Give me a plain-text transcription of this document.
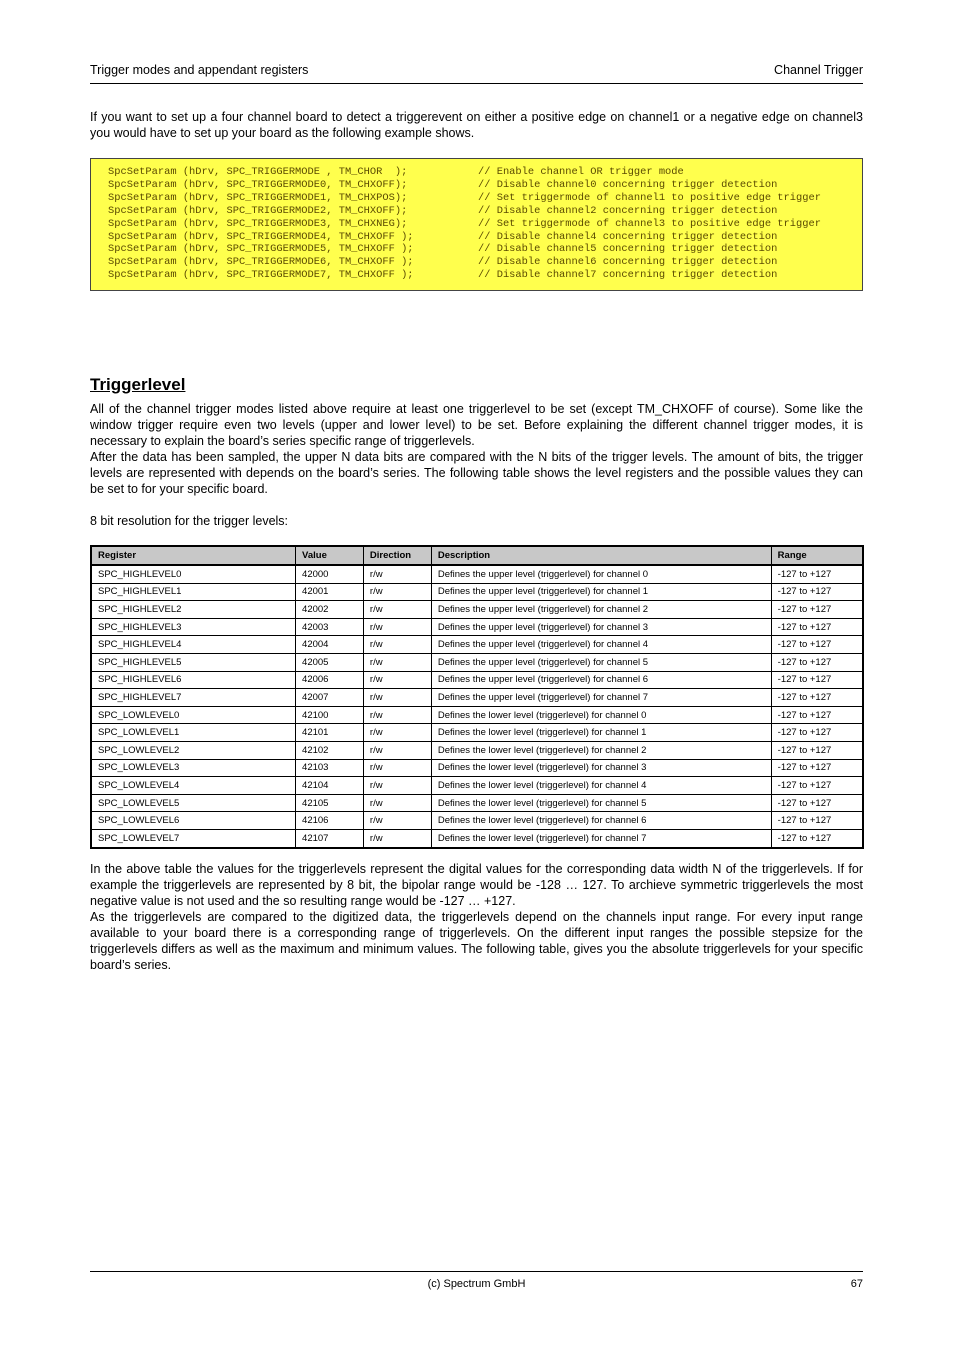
Trigger modes and appendant registers	Channel Trigger

If you want to set up a four channel board to detect a triggerevent on either a positive edge on channel1 or a negative edge on channel3 you would have to set up your board as the following example shows.

SpcSetParam (hDrv, SPC_TRIGGERMODE , TM_CHOR  );	// Enable channel OR trigger mode
SpcSetParam (hDrv, SPC_TRIGGERMODE0, TM_CHXOFF);	// Disable channel0 concerning trigger detection
SpcSetParam (hDrv, SPC_TRIGGERMODE1, TM_CHXPOS);	// Set triggermode of channel1 to positive edge trigger
SpcSetParam (hDrv, SPC_TRIGGERMODE2, TM_CHXOFF);	// Disable channel2 concerning trigger detection
SpcSetParam (hDrv, SPC_TRIGGERMODE3, TM_CHXNEG);	// Set triggermode of channel3 to positive edge trigger
SpcSetParam (hDrv, SPC_TRIGGERMODE4, TM_CHXOFF );	// Disable channel4 concerning trigger detection
SpcSetParam (hDrv, SPC_TRIGGERMODE5, TM_CHXOFF );	// Disable channel5 concerning trigger detection
SpcSetParam (hDrv, SPC_TRIGGERMODE6, TM_CHXOFF );	// Disable channel6 concerning trigger detection
SpcSetParam (hDrv, SPC_TRIGGERMODE7, TM_CHXOFF );	// Disable channel7 concerning trigger detection
Triggerlevel

All of the channel trigger modes listed above require at least one triggerlevel to be set (except TM_CHXOFF of course). Some like the window trigger require even two levels (upper and lower level) to be set. Before explaining the different channel trigger modes, it is necessary to explain the board’s series specific range of triggerlevels.

After the data has been sampled, the upper N data bits are compared with the N bits of the trigger levels. The amount of bits, the trigger levels are represented with depends on the board’s series. The following table shows the level registers and the possible values they can be set to for your specific board.

8 bit resolution for the trigger levels:

Register	Value	Direction	Description	Range
SPC_HIGHLEVEL0	42000	r/w	Defines the upper level (triggerlevel) for channel 0	-127 to +127
SPC_HIGHLEVEL1	42001	r/w	Defines the upper level (triggerlevel) for channel 1	-127 to +127
SPC_HIGHLEVEL2	42002	r/w	Defines the upper level (triggerlevel) for channel 2	-127 to +127
SPC_HIGHLEVEL3	42003	r/w	Defines the upper level (triggerlevel) for channel 3	-127 to +127
SPC_HIGHLEVEL4	42004	r/w	Defines the upper level (triggerlevel) for channel 4	-127 to +127
SPC_HIGHLEVEL5	42005	r/w	Defines the upper level (triggerlevel) for channel 5	-127 to +127
SPC_HIGHLEVEL6	42006	r/w	Defines the upper level (triggerlevel) for channel 6	-127 to +127
SPC_HIGHLEVEL7	42007	r/w	Defines the upper level (triggerlevel) for channel 7	-127 to +127
SPC_LOWLEVEL0	42100	r/w	Defines the lower level (triggerlevel) for channel 0	-127 to +127
SPC_LOWLEVEL1	42101	r/w	Defines the lower level (triggerlevel) for channel 1	-127 to +127
SPC_LOWLEVEL2	42102	r/w	Defines the lower level (triggerlevel) for channel 2	-127 to +127
SPC_LOWLEVEL3	42103	r/w	Defines the lower level (triggerlevel) for channel 3	-127 to +127
SPC_LOWLEVEL4	42104	r/w	Defines the lower level (triggerlevel) for channel 4	-127 to +127
SPC_LOWLEVEL5	42105	r/w	Defines the lower level (triggerlevel) for channel 5	-127 to +127
SPC_LOWLEVEL6	42106	r/w	Defines the lower level (triggerlevel) for channel 6	-127 to +127
SPC_LOWLEVEL7	42107	r/w	Defines the lower level (triggerlevel) for channel 7	-127 to +127

In the above table the values for the triggerlevels represent the digital values for the corresponding data width N of the triggerlevels. If for example the triggerlevels are represented by 8 bit, the bipolar range would be -128 … 127. To archieve symmetric triggerlevels the most negative value is not used and the so resulting range would be -127 … +127.

As the triggerlevels are compared to the digitized data, the triggerlevels depend on the channels input range. For every input range available to your board there is a corresponding range of triggerlevels. On the different input ranges the possible stepsize for the triggerlevels differs as well as the maximum and minimum values. The following table, gives you the absolute triggerlevels for your specific board’s series.

(c) Spectrum GmbH	67
